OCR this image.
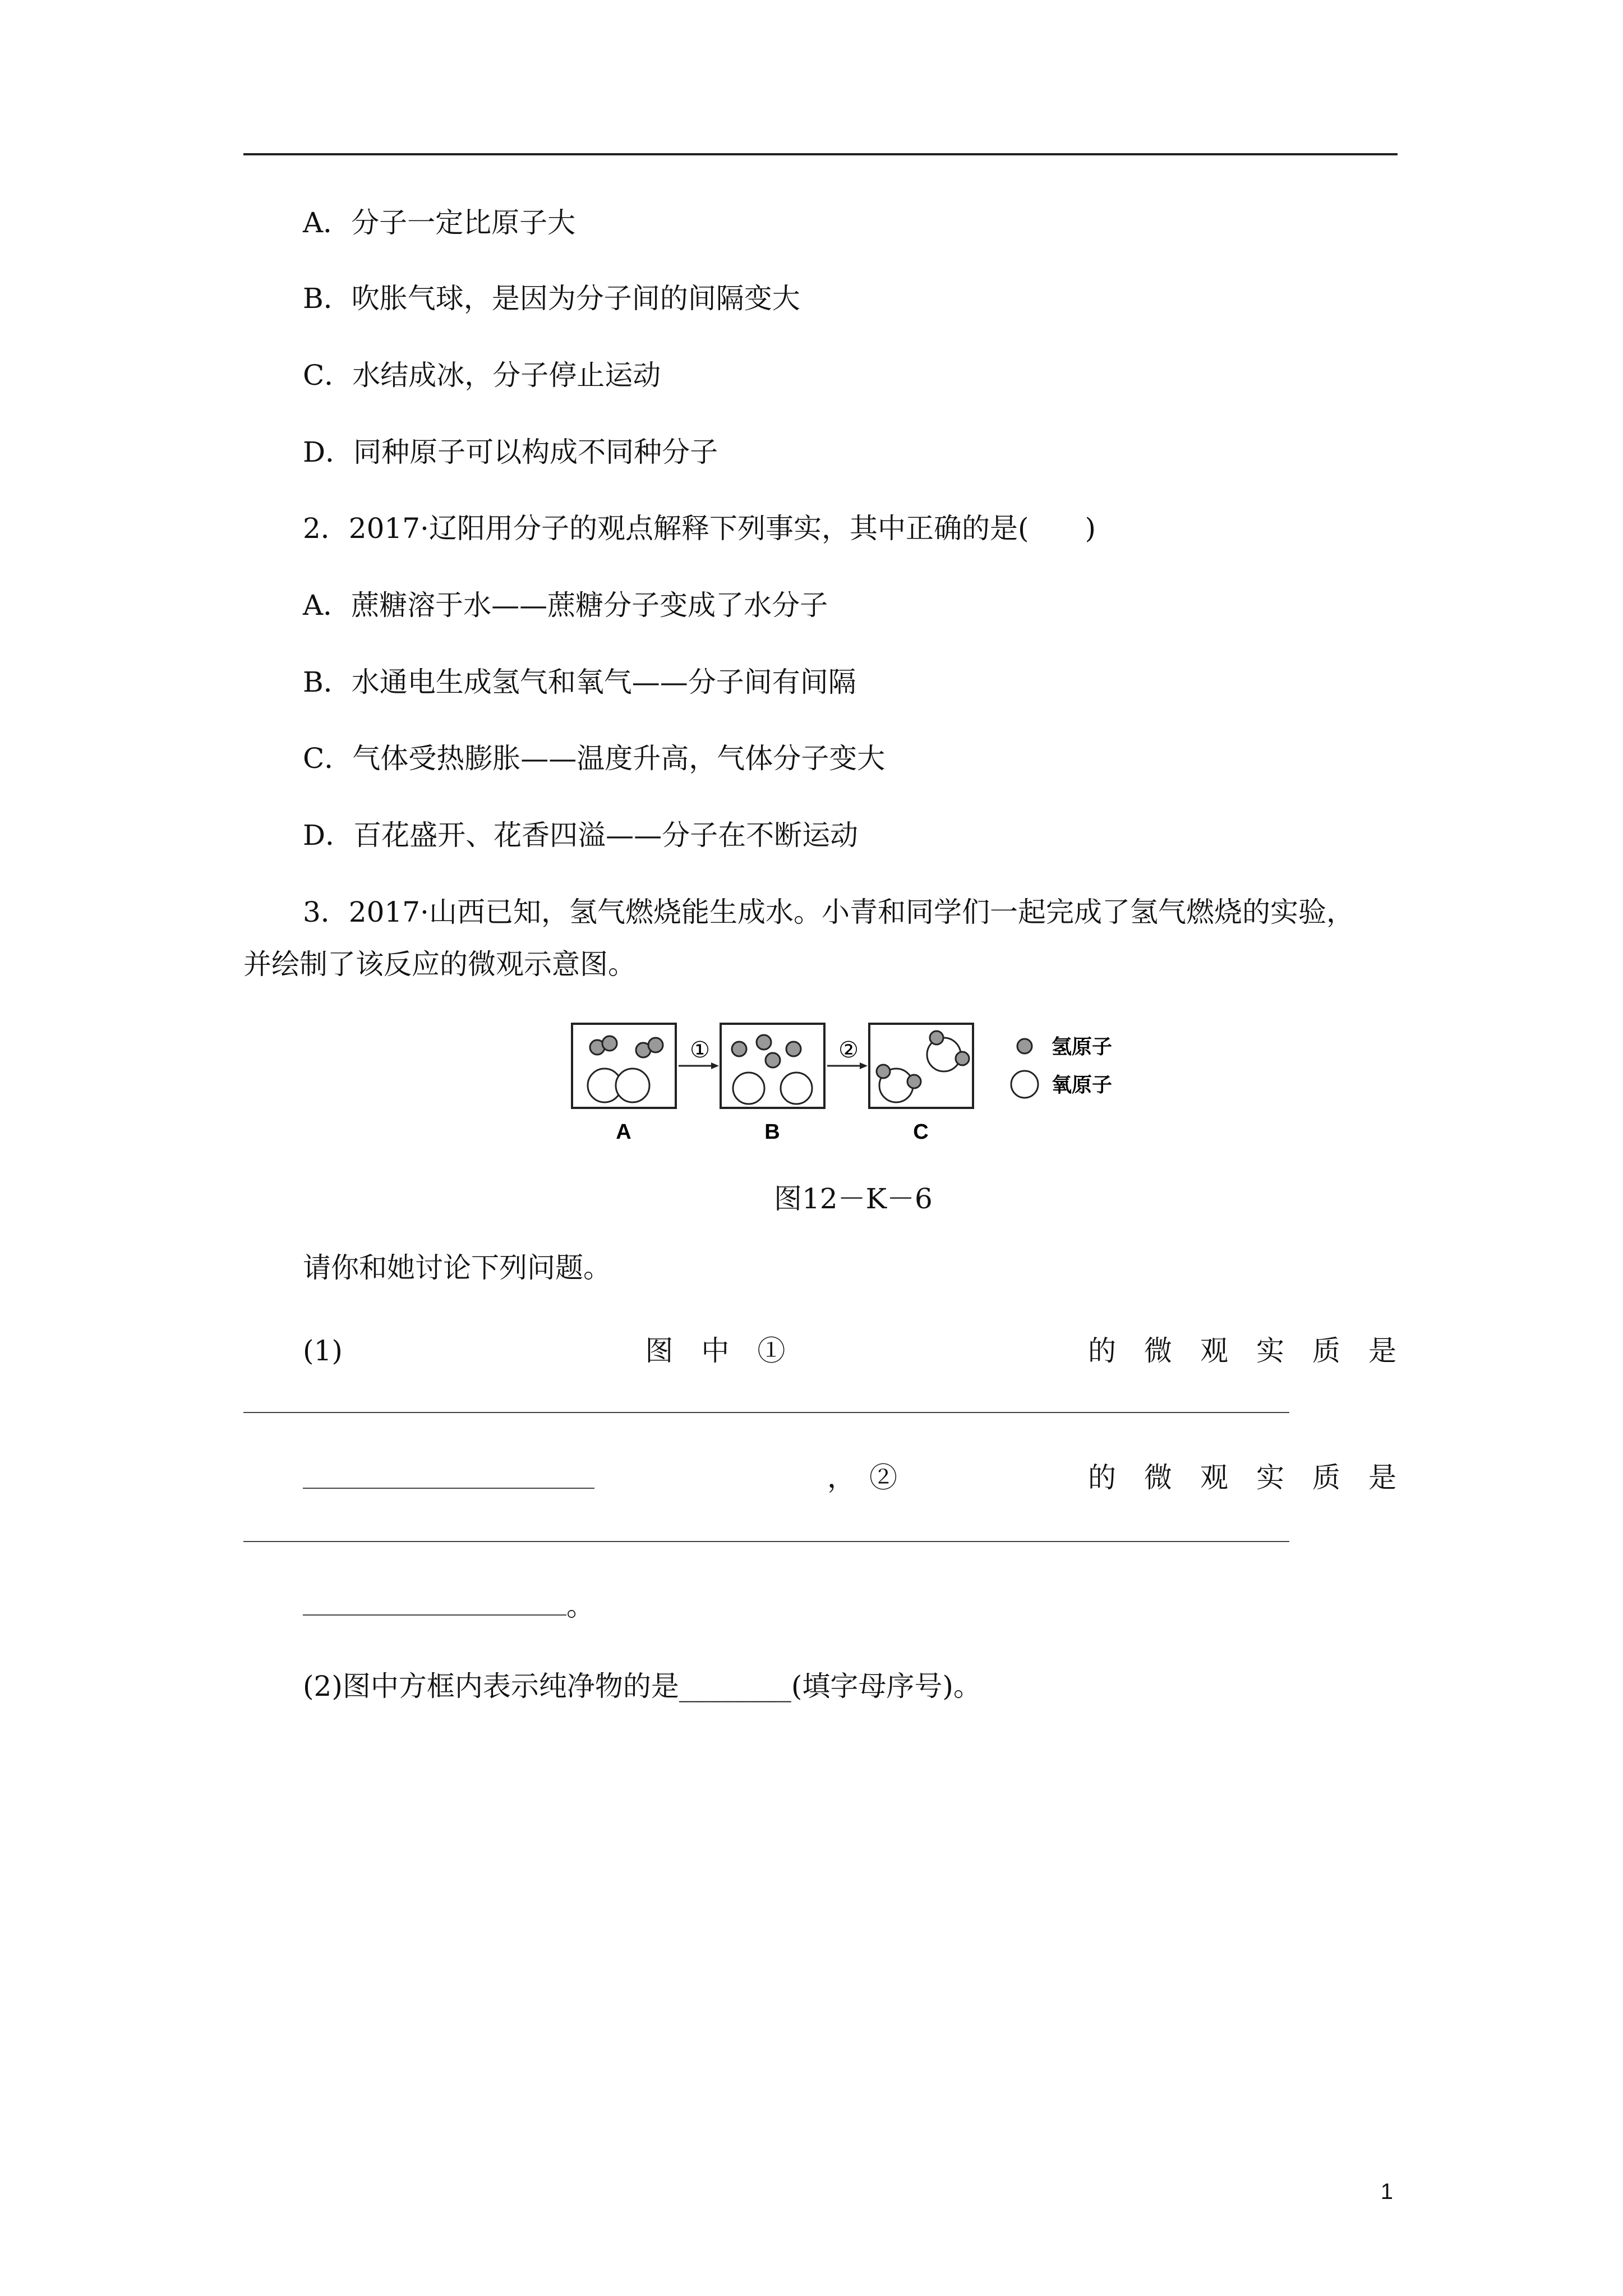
A．分子一定比原子大
B．吹胀气球，是因为分子间的间隔变大
C．水结成冰，分子停止运动
D．同种原子可以构成不同种分子
2．2017·辽阳用分子的观点解释下列事实，其中正确的是(　　)
A．蔗糖溶于水——蔗糖分子变成了水分子
B．水通电生成氢气和氧气——分子间有间隔
C．气体受热膨胀——温度升高，气体分子变大
D．百花盛开、花香四溢——分子在不断运动
3．2017·山西已知，氢气燃烧能生成水。小青和同学们一起完成了氢气燃烧的实验，
并绘制了该反应的微观示意图。
①	②
A	B	C
氢原子
氧原子
图12－K－6
请你和她讨论下列问题。
(1)	图　中　①	的　微　观　实　质　是
，　②	的　微　观　实　质　是
。
(2)图中方框内表示纯净物的是________(填字母序号)。
1
